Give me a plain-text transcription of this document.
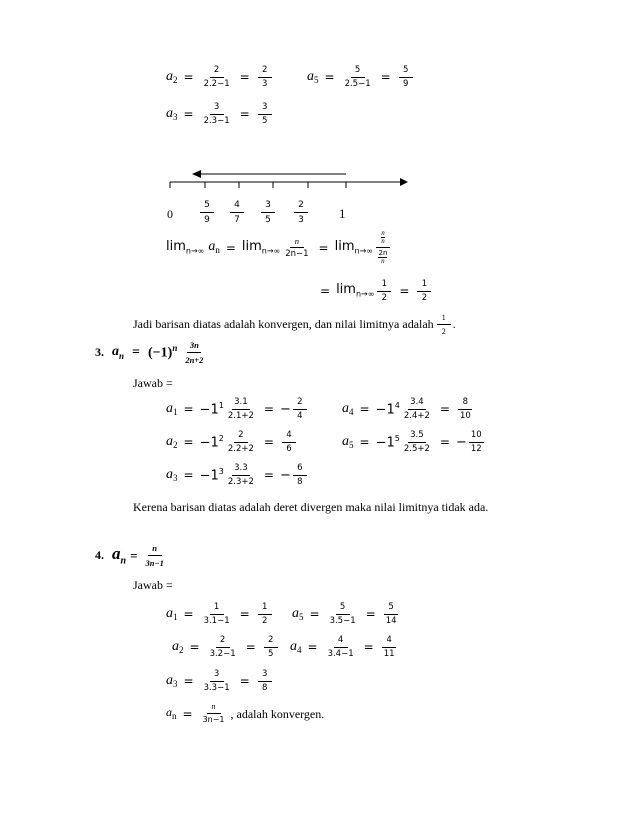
$a_2 = \frac{2}{2.2-1} = \frac{2}{3}$	$a_5 = \frac{5}{2.5-1} = \frac{5}{9}$
$a_3 = \frac{3}{2.3-1} = \frac{3}{5}$
0	$\frac{5}{9} \frac{4}{7} \frac{3}{5} \frac{2}{3} 1$
$\lim_{n\to\infty} a_n = \lim_{n\to\infty} \frac{n}{2n-1} = \lim_{n\to\infty} n$
n
2n
n
= $\lim_{n\to\infty} \frac{1}{2} = \frac{1}{2}$
Jadi barisan diatas adalah konvergen, dan nilai limitnya adalah $\frac{1}{2}$ .
3. $a_n = (-1)^n \frac{3n}{2n+2}$
Jawab =
$a_1 = -1^1 \frac{3.1}{2.1+2}$ = − $\frac{2}{4}$
$a_2 = -1^2 \frac{2}{2.2+2} = \frac{4}{6}$
$a_3 = -1^3 \frac{3.3}{2.3+2}$ = − $\frac{6}{8}$
$a_4 = -1^4 \frac{3.4}{2.4+2} = \frac{8}{10}$
$a_5 = -1^5 \frac{3.5}{2.5+2}$ = − $\frac{10}{12}$
Kerena barisan diatas adalah deret divergen maka nilai limitnya tidak ada.
4. $a_n = \frac{n}{3n-1}$
Jawab =
$a_1 = \frac{1}{3.1-1} = \frac{1}{2}$
$a_2 = \frac{2}{3.2-1} = \frac{2}{5}$
$a_3 = \frac{3}{3.3-1} = \frac{3}{8}$
$a_5 = \frac{5}{3.5-1} = \frac{5}{14}$
$a_4 = \frac{4}{3.4-1} = \frac{4}{11}$
$a_n = \frac{n}{3n-1}$ , adalah konvergen.
